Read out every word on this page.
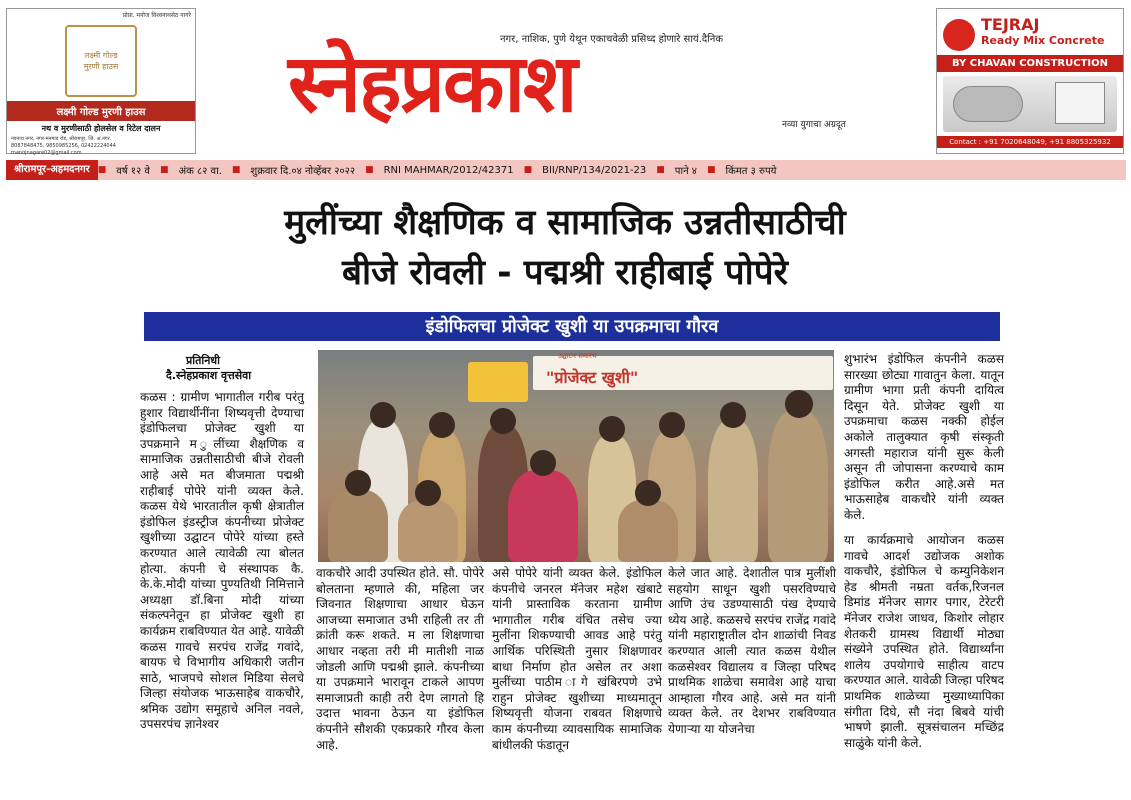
प्रोप्रा. मनोज विश्वनाथसेठ नागरे
लक्ष्मी गोल्ड
मुरणी हाउस
लक्ष्मी गोल्ड मुरणी हाउस
नथ व मुरणीसाठी होलसेल व रिटेल दालन
नवनाथ नगर, नगर-मनमाड रोड, श्रीरामपूर, जि. अ.नगर.
8087848475, 9850985256, 02422224044
manojnagare02@gmail.com
नगर, नाशिक, पुणे येथून एकाचवेळी प्रसिध्द होणारे सायं.दैनिक
स्नेहप्रकाश	नव्या युगाचा अग्रदूत
TEJRAJ
Ready Mix Concrete
BY CHAVAN CONSTRUCTION
Contact : +91 7020648049, +91 8805325932
श्रीरामपूर-अहमदनगर ■	वर्ष १२ वे	■	अंक ८२ वा.	■	शुक्रवार दि.०४ नोव्हेंबर २०२२	■	RNI MAHMAR/2012/42371	■	BII/RNP/134/2021-23	■	पाने ४	■	किंमत ३ रुपये
मुलींच्या शैक्षणिक व सामाजिक उन्नतीसाठीची
बीजे रोवली - पद्मश्री राहीबाई पोपेरे
इंडोफिलचा प्रोजेक्ट खुशी या उपक्रमाचा गौरव
प्रतिनिधी
दै.स्नेहप्रकाश वृत्तसेवा
उद्घाटन समारंभ
"प्रोजेक्ट खुशी"
कळस : ग्रामीण भागातील गरीब परंतु हुशार विद्यार्थीनींना शिष्यवृत्ती देण्याचा इंडोफिलचा प्रोजेक्ट खुशी या उपक्रमाने म ुलींच्या शैक्षणिक व सामाजिक उन्नतीसाठीची बीजे रोवली आहे असे मत बीजमाता पद्मश्री राहीबाई पोपेरे यांनी व्यक्त केले. कळस येथे भारतातील कृषी क्षेत्रातील इंडोफिल इंडस्ट्रीज कंपनीच्या प्रोजेक्ट खुशीच्या उद्घाटन पोपेरे यांच्या हस्ते करण्यात आले त्यावेळी त्या बोलत होत्या. कंपनी चे संस्थापक कै. के.के.मोदी यांच्या पुण्यतिथी निमित्ताने अध्यक्षा डॉ.बिना मोदी यांच्या संकल्पनेतून हा प्रोजेक्ट खुशी हा कार्यक्रम राबविण्यात येत आहे. यावेळी कळस गावचे सरपंच राजेंद्र गवांदे, बायफ चे विभागीय अधिकारी जतीन साठे, भाजपचे सोशल मिडिया सेलचे जिल्हा संयोजक भाऊसाहेब वाकचौरे, श्रमिक उद्योग समूहाचे अनिल नवले, उपसरपंच ज्ञानेश्वर
वाकचौरे आदी उपस्थित होते. सौ. पोपेरे बोलताना म्हणाले की, महिला जर जिवनात शिक्षणाचा आधार घेऊन आजच्या समाजात उभी राहिली तर ती क्रांती करू शकते. म ला शिक्षणाचा आधार नव्हता तरी मी मातीशी नाळ जोडली आणि पद्मश्री झाले. कंपनीच्या या उपक्रमाने भारावून टाकले आपण समाजाप्रती काही तरी देण लागतो हि उदात्त भावना ठेऊन या इंडोफिल कंपनीने सौशकी एकप्रकारे गौरव केला आहे.
असे पोपेरे यांनी व्यक्त केले. इंडोफिल कंपनीचे जनरल मॅनेजर महेश खंबाटे यांनी प्रास्ताविक करताना ग्रामीण भागातील गरीब वंचित तसेच ज्या मुलींना शिकण्याची आवड आहे परंतु आर्थिक परिस्थिती नुसार शिक्षणावर बाधा निर्माण होत असेल तर अशा मुलींच्या पाठीम ागे खंबिरपणे उभे राहुन प्रोजेक्ट खुशीच्या माध्यमातून शिष्यवृत्ती योजना राबवत शिक्षणाचे काम कंपनीच्या व्यावसायिक सामाजिक बांधीलकी फंडातून
केले जात आहे. देशातील पात्र मुलींशी सहयोग साधून खुशी पसरविण्याचे आणि उंच उडण्यासाठी पंख देण्याचे ध्येय आहे. कळसचे सरपंच राजेंद्र गवांदे यांनी महाराष्ट्रातील दोन शाळांची निवड करण्यात आली त्यात कळस येथील कळसेश्वर विद्यालय व जिल्हा परिषद प्राथमिक शाळेचा समावेश आहे याचा आम्हाला गौरव आहे. असे मत यांनी व्यक्त केले. तर देशभर राबविण्यात येणाऱ्या या योजनेचा
शुभारंभ इंडोफिल कंपनीने कळस सारख्या छोट्या गावातुन केला. यातून ग्रामीण भागा प्रती कंपनी दायित्व दिसून येते. प्रोजेक्ट खुशी या उपक्रमाचा कळस नक्की होईल अकोले तालुक्यात कृषी संस्कृती अगस्ती महाराज यांनी सुरू केली असून ती जोपासना करण्याचे काम इंडोफिल करीत आहे.असे मत भाऊसाहेब वाकचौरे यांनी व्यक्त केले.
या कार्यक्रमाचे आयोजन कळस गावचे आदर्श उद्योजक अशोक वाकचौरे, इंडोफिल चे कम्युनिकेशन हेड श्रीमती नम्रता वर्तक,रिजनल डिमांड मॅनेजर सागर पगार, टेरेटरी मॅनेजर राजेश जाधव, किशोर लोहार शेतकरी ग्रामस्थ विद्यार्थी मोठ्या संख्येने उपस्थित होते. विद्यार्थ्यांना शालेय उपयोगाचे साहीत्य वाटप करण्यात आले. यावेळी जिल्हा परिषद प्राथमिक शाळेच्या मुख्याध्यापिका संगीता दिघे, सौ नंदा बिबवे यांची भाषणे झाली. सूत्रसंचालन मच्छिंद्र साळुंके यांनी केले.
